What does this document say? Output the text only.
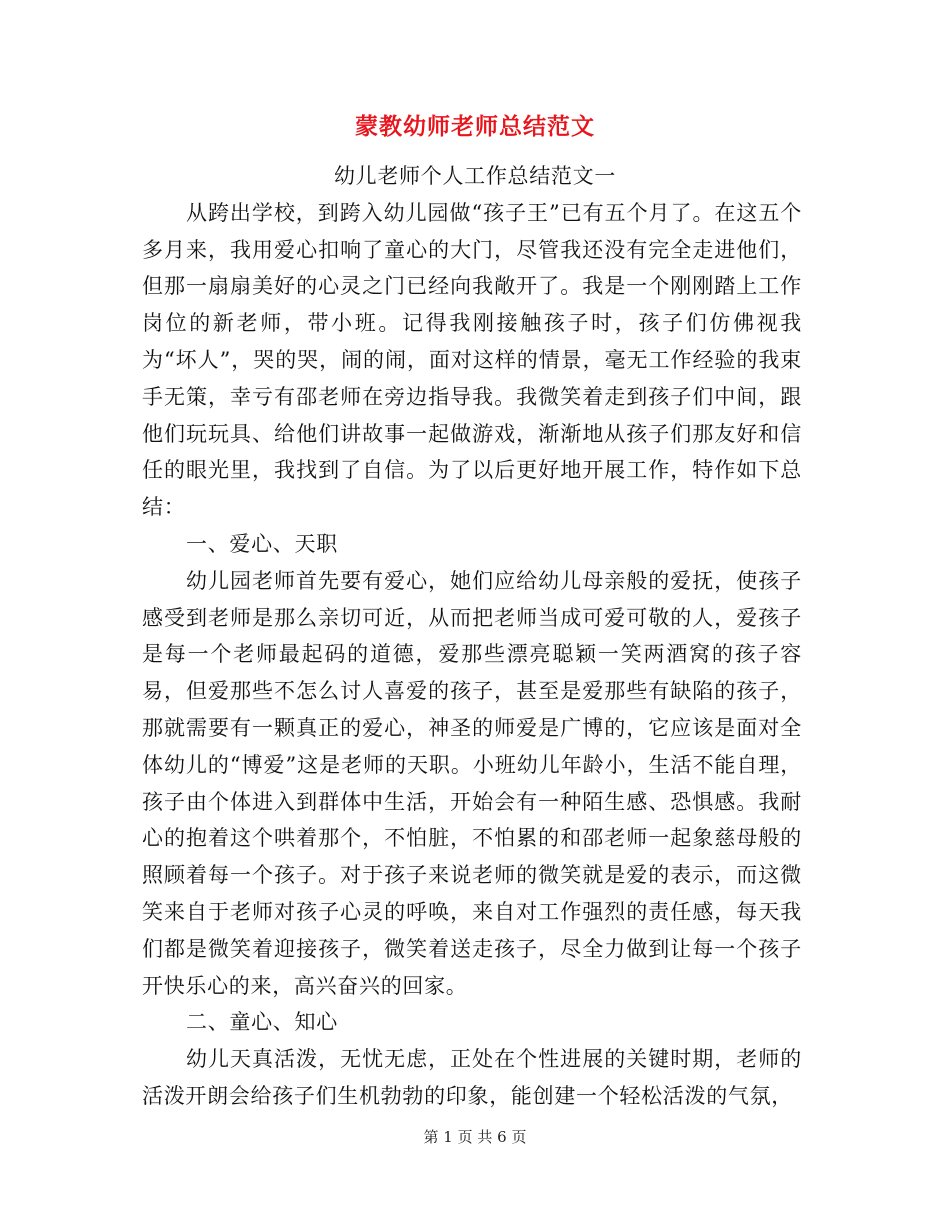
蒙教幼师老师总结范文

幼儿老师个人工作总结范文一

从跨出学校，到跨入幼儿园做“孩子王”已有五个月了。在这五个多月来，我用爱心扣响了童心的大门，尽管我还没有完全走进他们，但那一扇扇美好的心灵之门已经向我敞开了。我是一个刚刚踏上工作岗位的新老师，带小班。记得我刚接触孩子时，孩子们仿佛视我为“坏人”，哭的哭，闹的闹，面对这样的情景，毫无工作经验的我束手无策，幸亏有邵老师在旁边指导我。我微笑着走到孩子们中间，跟他们玩玩具、给他们讲故事一起做游戏，渐渐地从孩子们那友好和信任的眼光里，我找到了自信。为了以后更好地开展工作，特作如下总结：

一、爱心、天职

幼儿园老师首先要有爱心，她们应给幼儿母亲般的爱抚，使孩子感受到老师是那么亲切可近，从而把老师当成可爱可敬的人，爱孩子是每一个老师最起码的道德，爱那些漂亮聪颖一笑两酒窝的孩子容易，但爱那些不怎么讨人喜爱的孩子，甚至是爱那些有缺陷的孩子，那就需要有一颗真正的爱心，神圣的师爱是广博的，它应该是面对全体幼儿的“博爱”这是老师的天职。小班幼儿年龄小，生活不能自理，孩子由个体进入到群体中生活，开始会有一种陌生感、恐惧感。我耐心的抱着这个哄着那个，不怕脏，不怕累的和邵老师一起象慈母般的照顾着每一个孩子。对于孩子来说老师的微笑就是爱的表示，而这微笑来自于老师对孩子心灵的呼唤，来自对工作强烈的责任感，每天我们都是微笑着迎接孩子，微笑着送走孩子，尽全力做到让每一个孩子开快乐心的来，高兴奋兴的回家。

二、童心、知心

幼儿天真活泼，无忧无虑，正处在个性进展的关键时期，老师的活泼开朗会给孩子们生机勃勃的印象，能创建一个轻松活泼的气氛，

第 1 页 共 6 页
